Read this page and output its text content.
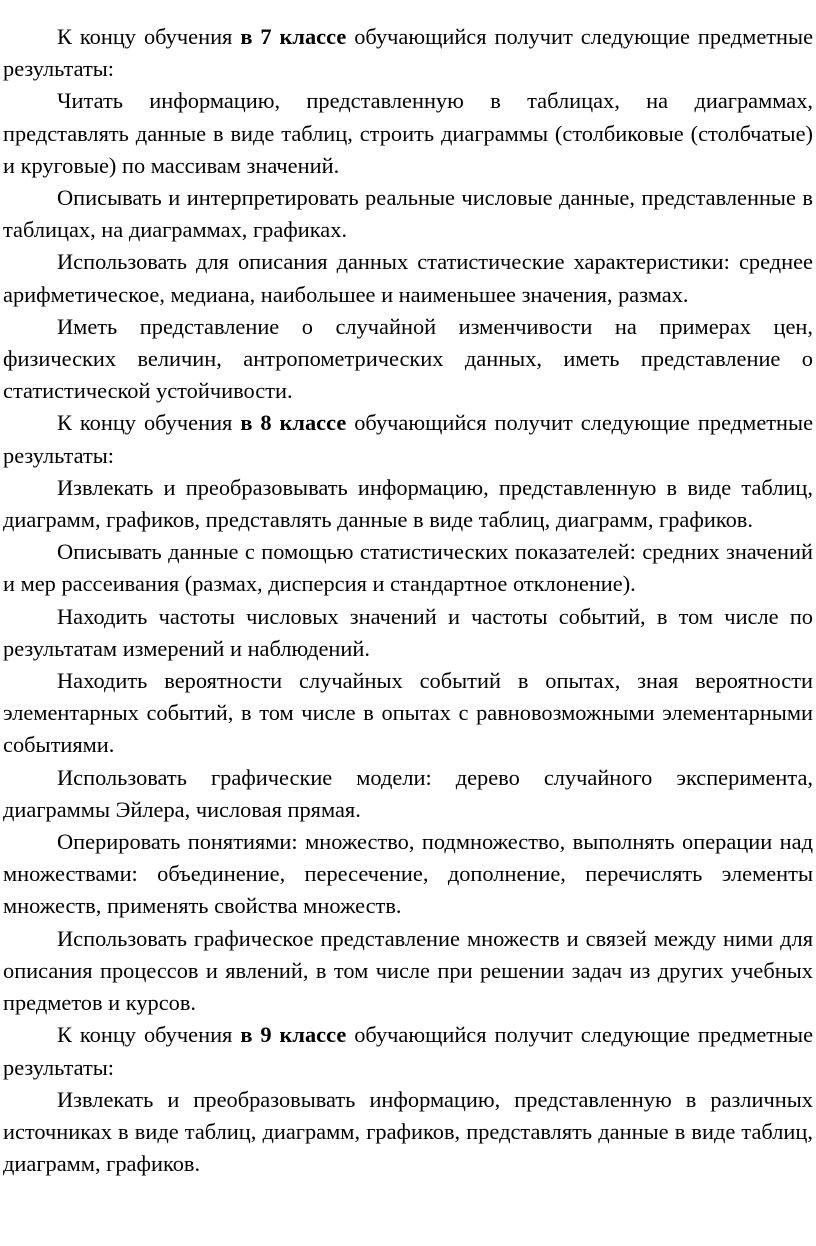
К концу обучения в 7 классе обучающийся получит следующие предметные результаты:

Читать информацию, представленную в таблицах, на диаграммах, представлять данные в виде таблиц, строить диаграммы (столбиковые (столбчатые) и круговые) по массивам значений.

Описывать и интерпретировать реальные числовые данные, представленные в таблицах, на диаграммах, графиках.

Использовать для описания данных статистические характеристики: среднее арифметическое, медиана, наибольшее и наименьшее значения, размах.

Иметь представление о случайной изменчивости на примерах цен, физических величин, антропометрических данных, иметь представление о статистической устойчивости.

К концу обучения в 8 классе обучающийся получит следующие предметные результаты:

Извлекать и преобразовывать информацию, представленную в виде таблиц, диаграмм, графиков, представлять данные в виде таблиц, диаграмм, графиков.

Описывать данные с помощью статистических показателей: средних значений и мер рассеивания (размах, дисперсия и стандартное отклонение).

Находить частоты числовых значений и частоты событий, в том числе по результатам измерений и наблюдений.

Находить вероятности случайных событий в опытах, зная вероятности элементарных событий, в том числе в опытах с равновозможными элементарными событиями.

Использовать графические модели: дерево случайного эксперимента, диаграммы Эйлера, числовая прямая.

Оперировать понятиями: множество, подмножество, выполнять операции над множествами: объединение, пересечение, дополнение, перечислять элементы множеств, применять свойства множеств.

Использовать графическое представление множеств и связей между ними для описания процессов и явлений, в том числе при решении задач из других учебных предметов и курсов.

К концу обучения в 9 классе обучающийся получит следующие предметные результаты:

Извлекать и преобразовывать информацию, представленную в различных источниках в виде таблиц, диаграмм, графиков, представлять данные в виде таблиц, диаграмм, графиков.
